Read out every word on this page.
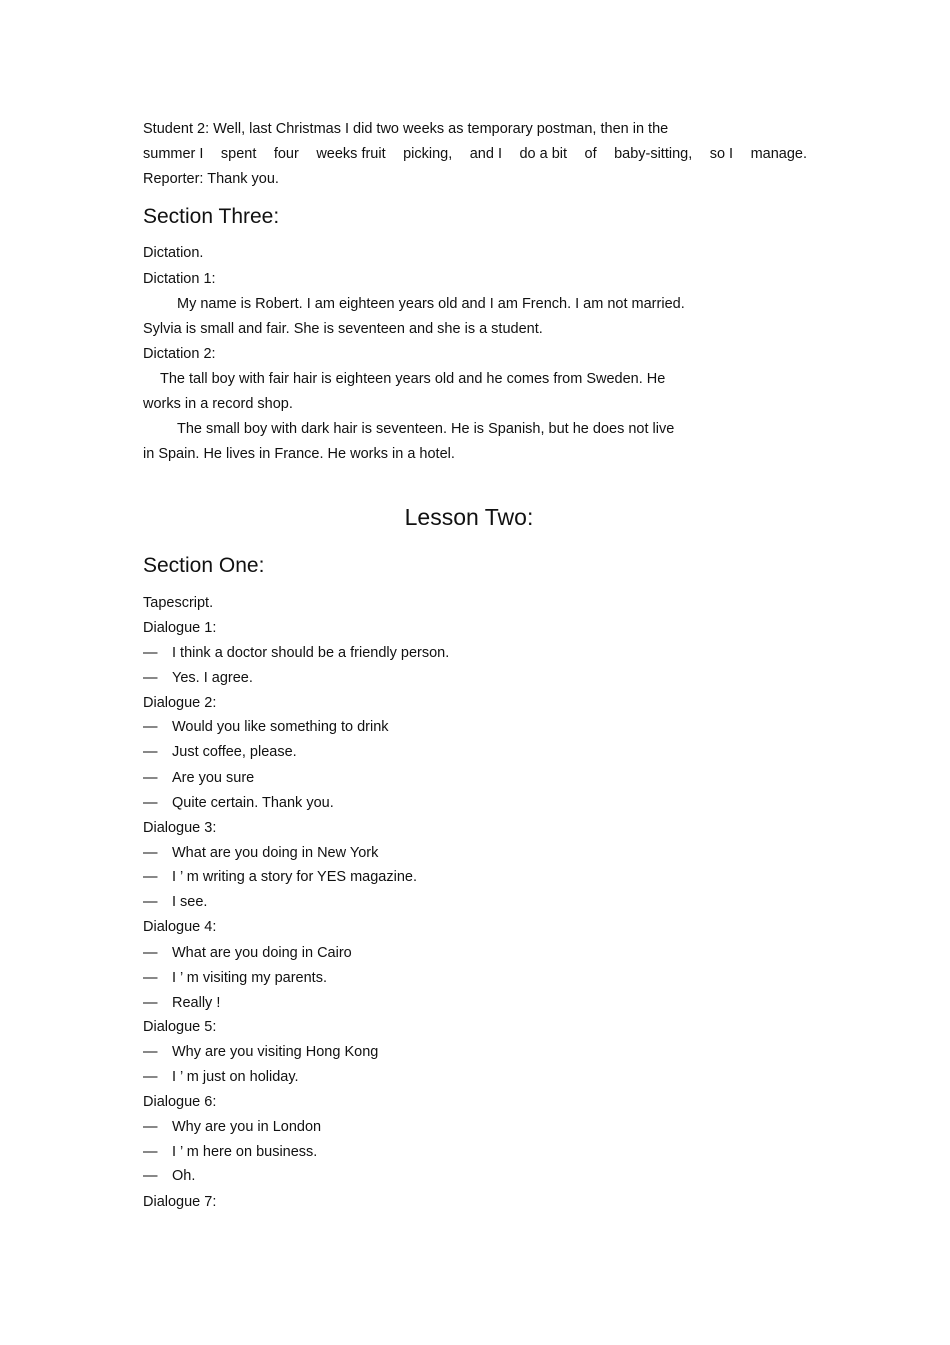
Student 2: Well, last Christmas I did two weeks as temporary postman, then in the
summer I spent four weeks fruit picking, and I do a bit of baby-sitting, so I manage.
Reporter: Thank you.
Section Three:
Dictation.
Dictation 1:
My name is Robert. I am eighteen years old and I am French. I am not married.
Sylvia is small and fair. She is seventeen and she is a student.
Dictation 2:
The tall boy with fair hair is eighteen years old and he comes from Sweden. He
works in a record shop.
The small boy with dark hair is seventeen. He is Spanish, but he does not live
in Spain. He lives in France. He works in a hotel.
Lesson Two:
Section One:
Tapescript.
Dialogue 1:
— I think a doctor should be a friendly person.
— Yes. I agree.
Dialogue 2:
— Would you like something to drink
— Just coffee, please.
— Are you sure
— Quite certain. Thank you.
Dialogue 3:
— What are you doing in New York
— I ’ m writing a story for YES magazine.
— I see.
Dialogue 4:
— What are you doing in Cairo
— I ’ m visiting my parents.
— Really !
Dialogue 5:
— Why are you visiting Hong Kong
— I ’ m just on holiday.
Dialogue 6:
— Why are you in London
— I ’ m here on business.
— Oh.
Dialogue 7:
